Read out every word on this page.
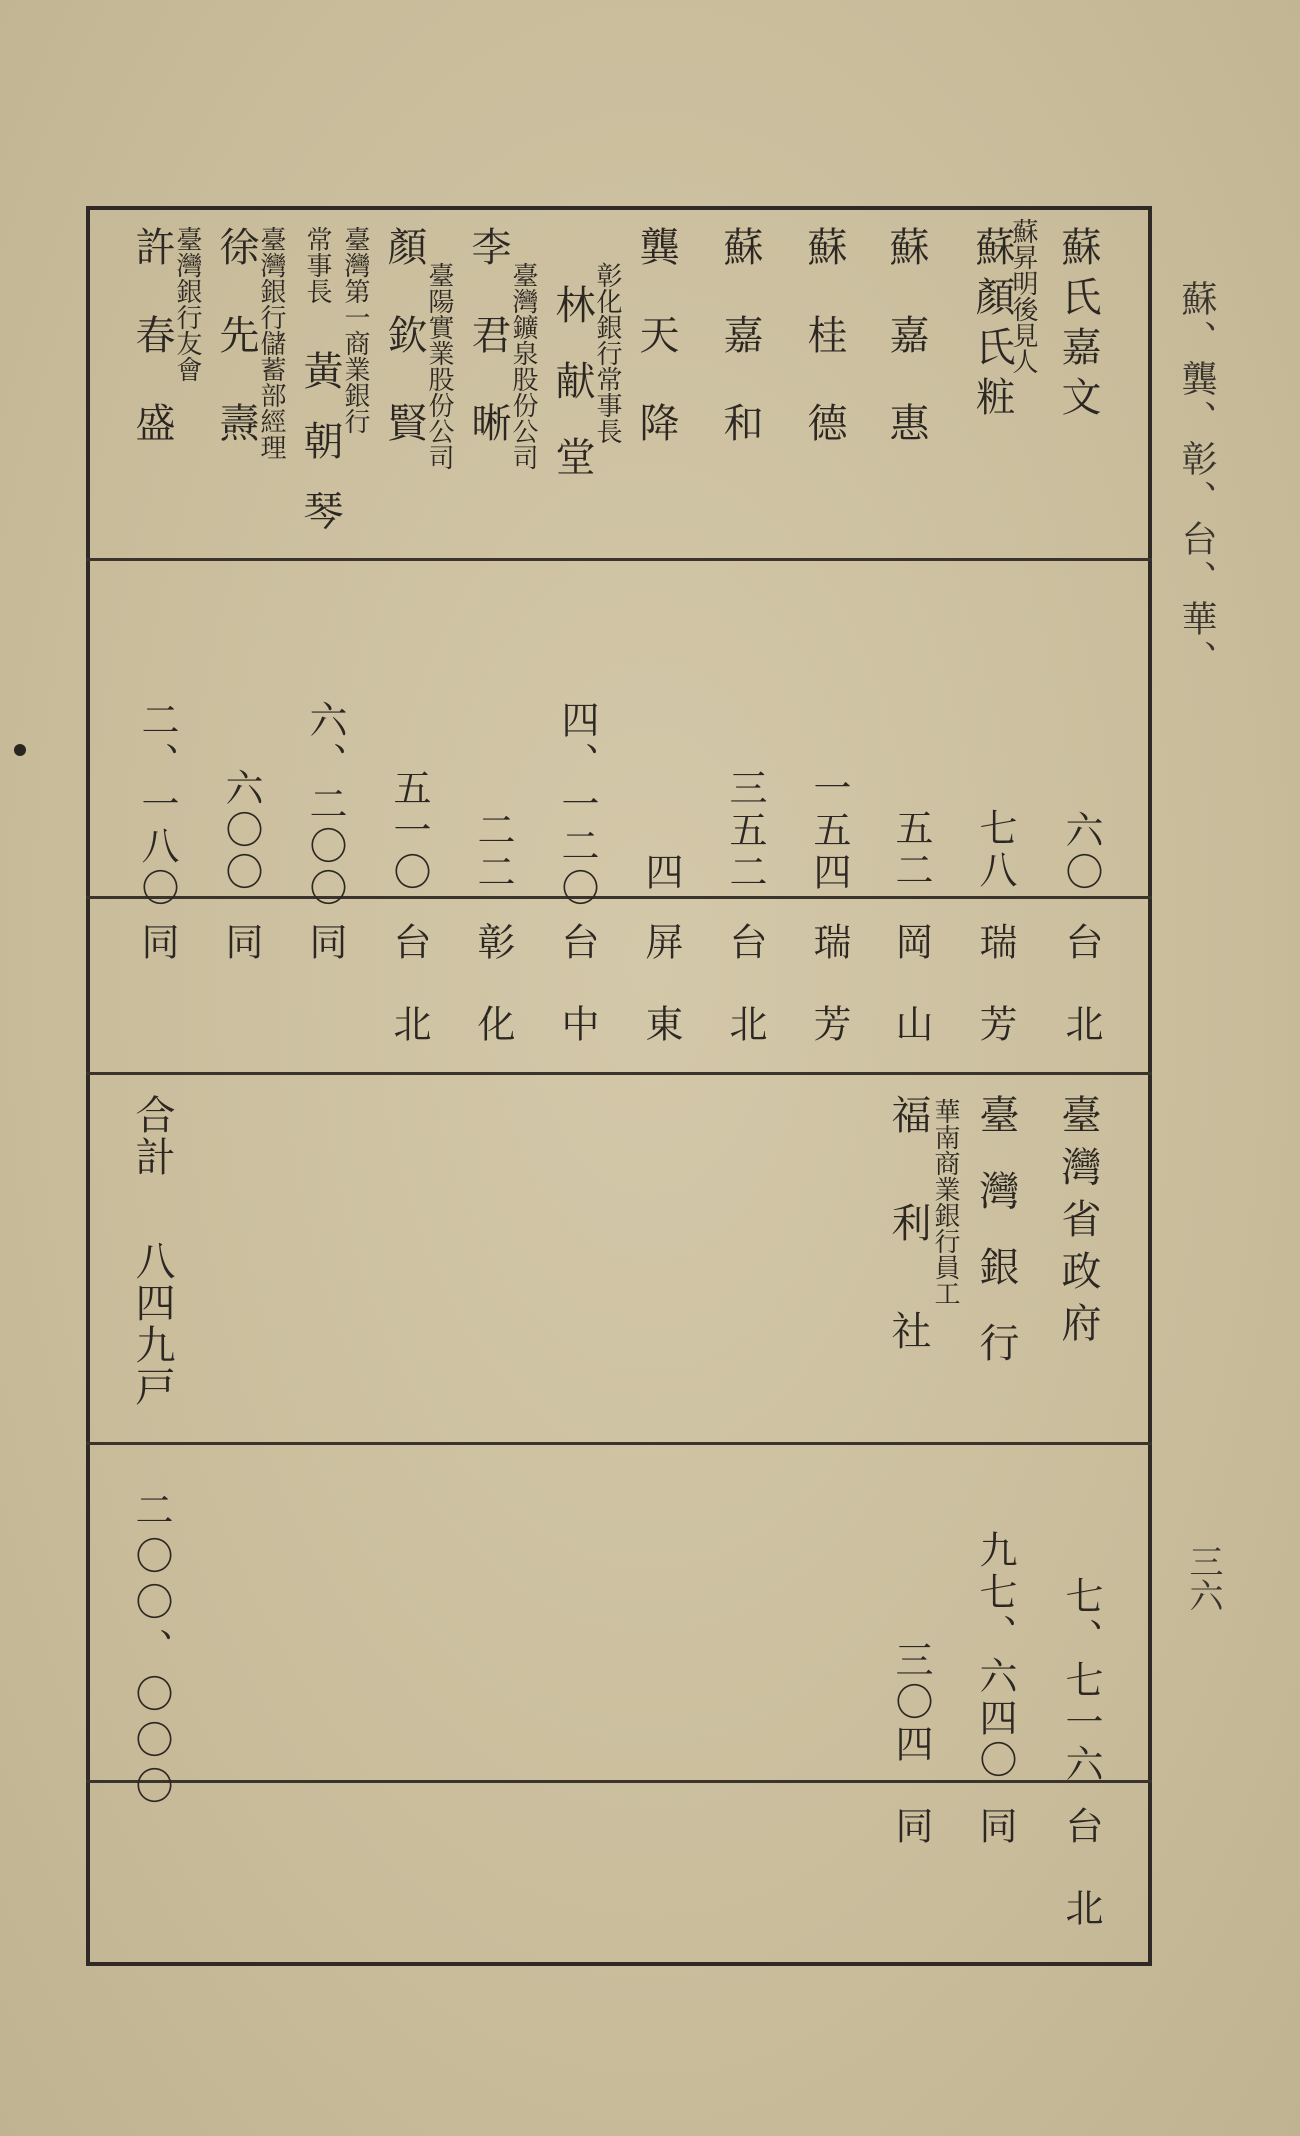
蘇、龔、彰、台、華、
三六
蘇氏嘉文
蘇昇明後見人
蘇顏氏粧
蘇嘉惠
蘇桂德
蘇嘉和
龔天降
彰化銀行常事長
林献堂
臺灣鑛泉股份公司
李君晰
臺陽實業股份公司
顏欽賢
臺灣第一商業銀行
常事長
黃朝琴
臺灣銀行儲蓄部經理
徐先燾
臺灣銀行友會
許春盛
六〇
七八
五二
一五四
三五二
四
四、一二〇
二二
五一〇
六、二〇〇
六〇〇
二、一八〇
台北
瑞芳
岡山
瑞芳
台北
屏東
台中
彰化
台北
同
同
同
臺灣省政府
臺灣銀行
華南商業銀行員工
福利社
合計
八四九戸
七、七一六
九七、六四〇
三〇四
二〇〇、〇〇〇
台北
同
同
